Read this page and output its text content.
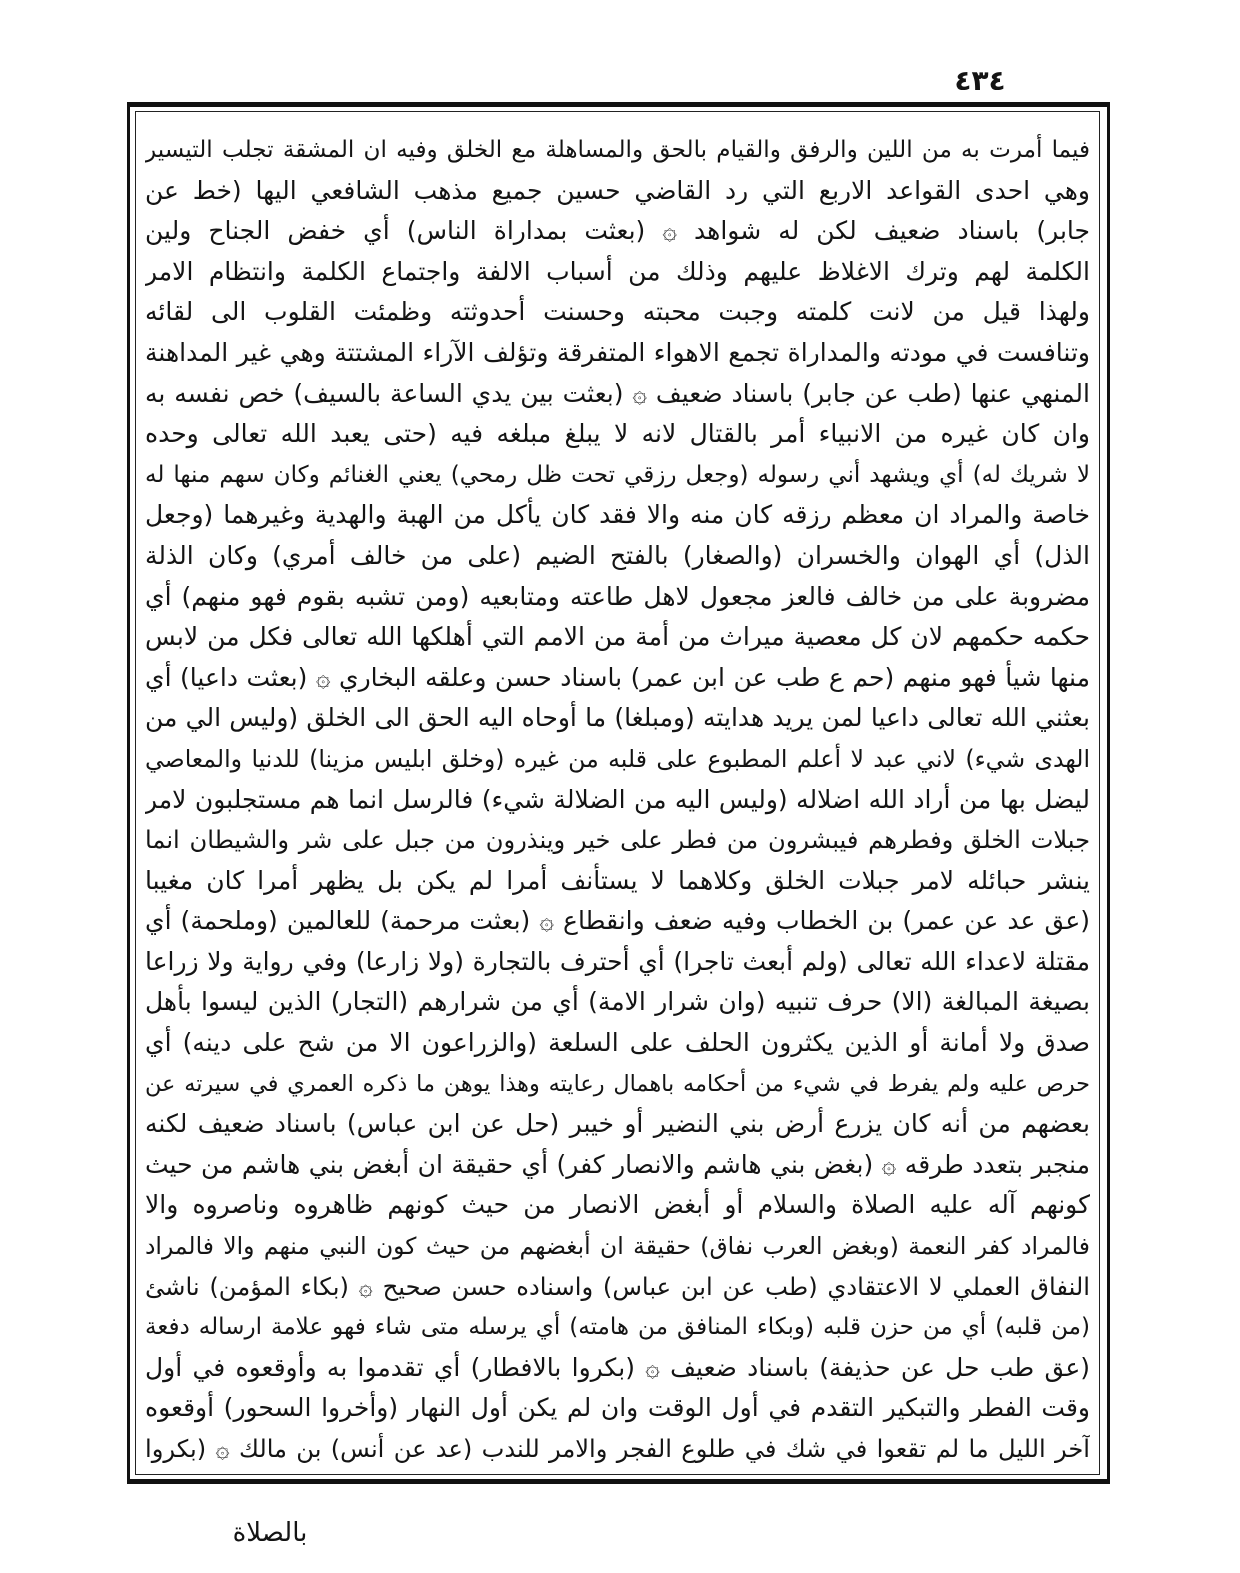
٤٣٤
فيما أمرت به من اللين والرفق والقيام بالحق والمساهلة مع الخلق وفيه ان المشقة تجلب التيسير
وهي احدى القواعد الاربع التي رد القاضي حسين جميع مذهب الشافعي اليها (خط عن
جابر) باسناد ضعيف لكن له شواهد ۞ (بعثت بمداراة الناس) أي خفض الجناح ولين
الكلمة لهم وترك الاغلاظ عليهم وذلك من أسباب الالفة واجتماع الكلمة وانتظام الامر
ولهذا قيل من لانت كلمته وجبت محبته وحسنت أحدوثته وظمئت القلوب الى لقائه
وتنافست في مودته والمداراة تجمع الاهواء المتفرقة وتؤلف الآراء المشتتة وهي غير المداهنة
المنهي عنها (طب عن جابر) باسناد ضعيف ۞ (بعثت بين يدي الساعة بالسيف) خص نفسه به
وان كان غيره من الانبياء أمر بالقتال لانه لا يبلغ مبلغه فيه (حتى يعبد الله تعالى وحده
لا شريك له) أي ويشهد أني رسوله (وجعل رزقي تحت ظل رمحي) يعني الغنائم وكان سهم منها له
خاصة والمراد ان معظم رزقه كان منه والا فقد كان يأكل من الهبة والهدية وغيرهما (وجعل
الذل) أي الهوان والخسران (والصغار) بالفتح الضيم (على من خالف أمري) وكان الذلة
مضروبة على من خالف فالعز مجعول لاهل طاعته ومتابعيه (ومن تشبه بقوم فهو منهم) أي
حكمه حكمهم لان كل معصية ميراث من أمة من الامم التي أهلكها الله تعالى فكل من لابس
منها شيأ فهو منهم (حم ع طب عن ابن عمر) باسناد حسن وعلقه البخاري ۞ (بعثت داعيا) أي
بعثني الله تعالى داعيا لمن يريد هدايته (ومبلغا) ما أوحاه اليه الحق الى الخلق (وليس الي من
الهدى شيء) لاني عبد لا أعلم المطبوع على قلبه من غيره (وخلق ابليس مزينا) للدنيا والمعاصي
ليضل بها من أراد الله اضلاله (وليس اليه من الضلالة شيء) فالرسل انما هم مستجلبون لامر
جبلات الخلق وفطرهم فيبشرون من فطر على خير وينذرون من جبل على شر والشيطان انما
ينشر حبائله لامر جبلات الخلق وكلاهما لا يستأنف أمرا لم يكن بل يظهر أمرا كان مغيبا
(عق عد عن عمر) بن الخطاب وفيه ضعف وانقطاع ۞ (بعثت مرحمة) للعالمين (وملحمة) أي
مقتلة لاعداء الله تعالى (ولم أبعث تاجرا) أي أحترف بالتجارة (ولا زارعا) وفي رواية ولا زراعا
بصيغة المبالغة (الا) حرف تنبيه (وان شرار الامة) أي من شرارهم (التجار) الذين ليسوا بأهل
صدق ولا أمانة أو الذين يكثرون الحلف على السلعة (والزراعون الا من شح على دينه) أي
حرص عليه ولم يفرط في شيء من أحكامه باهمال رعايته وهذا يوهن ما ذكره العمري في سيرته عن
بعضهم من أنه كان يزرع أرض بني النضير أو خيبر (حل عن ابن عباس) باسناد ضعيف لكنه
منجبر بتعدد طرقه ۞ (بغض بني هاشم والانصار كفر) أي حقيقة ان أبغض بني هاشم من حيث
كونهم آله عليه الصلاة والسلام أو أبغض الانصار من حيث كونهم ظاهروه وناصروه والا
فالمراد كفر النعمة (وبغض العرب نفاق) حقيقة ان أبغضهم من حيث كون النبي منهم والا فالمراد
النفاق العملي لا الاعتقادي (طب عن ابن عباس) واسناده حسن صحيح ۞ (بكاء المؤمن) ناشئ
(من قلبه) أي من حزن قلبه (وبكاء المنافق من هامته) أي يرسله متى شاء فهو علامة ارساله دفعة
(عق طب حل عن حذيفة) باسناد ضعيف ۞ (بكروا بالافطار) أي تقدموا به وأوقعوه في أول
وقت الفطر والتبكير التقدم في أول الوقت وان لم يكن أول النهار (وأخروا السحور) أوقعوه
آخر الليل ما لم تقعوا في شك في طلوع الفجر والامر للندب (عد عن أنس) بن مالك ۞ (بكروا
بالصلاة
